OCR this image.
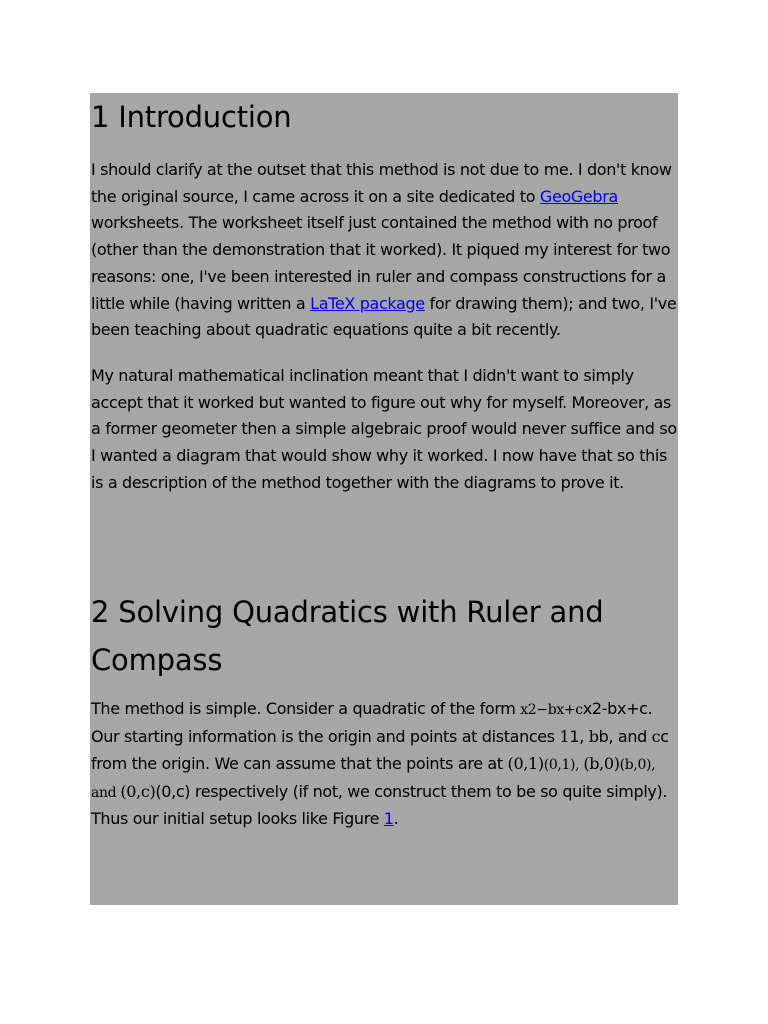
1 Introduction

I should clarify at the outset that this method is not due to me. I don't know the original source, I came across it on a site dedicated to GeoGebra worksheets. The worksheet itself just contained the method with no proof (other than the demonstration that it worked). It piqued my interest for two reasons: one, I've been interested in ruler and compass constructions for a little while (having written a LaTeX package for drawing them); and two, I've been teaching about quadratic equations quite a bit recently.

My natural mathematical inclination meant that I didn't want to simply accept that it worked but wanted to figure out why for myself. Moreover, as a former geometer then a simple algebraic proof would never suffice and so I wanted a diagram that would show why it worked. I now have that so this is a description of the method together with the diagrams to prove it.

2 Solving Quadratics with Ruler and Compass

The method is simple. Consider a quadratic of the form x2−bx+cx2-bx+c. Our starting information is the origin and points at distances 11, bb, and cc from the origin. We can assume that the points are at (0,1)(0,1), (b,0)(b,0), and (0,c)(0,c) respectively (if not, we construct them to be so quite simply). Thus our initial setup looks like Figure 1.
